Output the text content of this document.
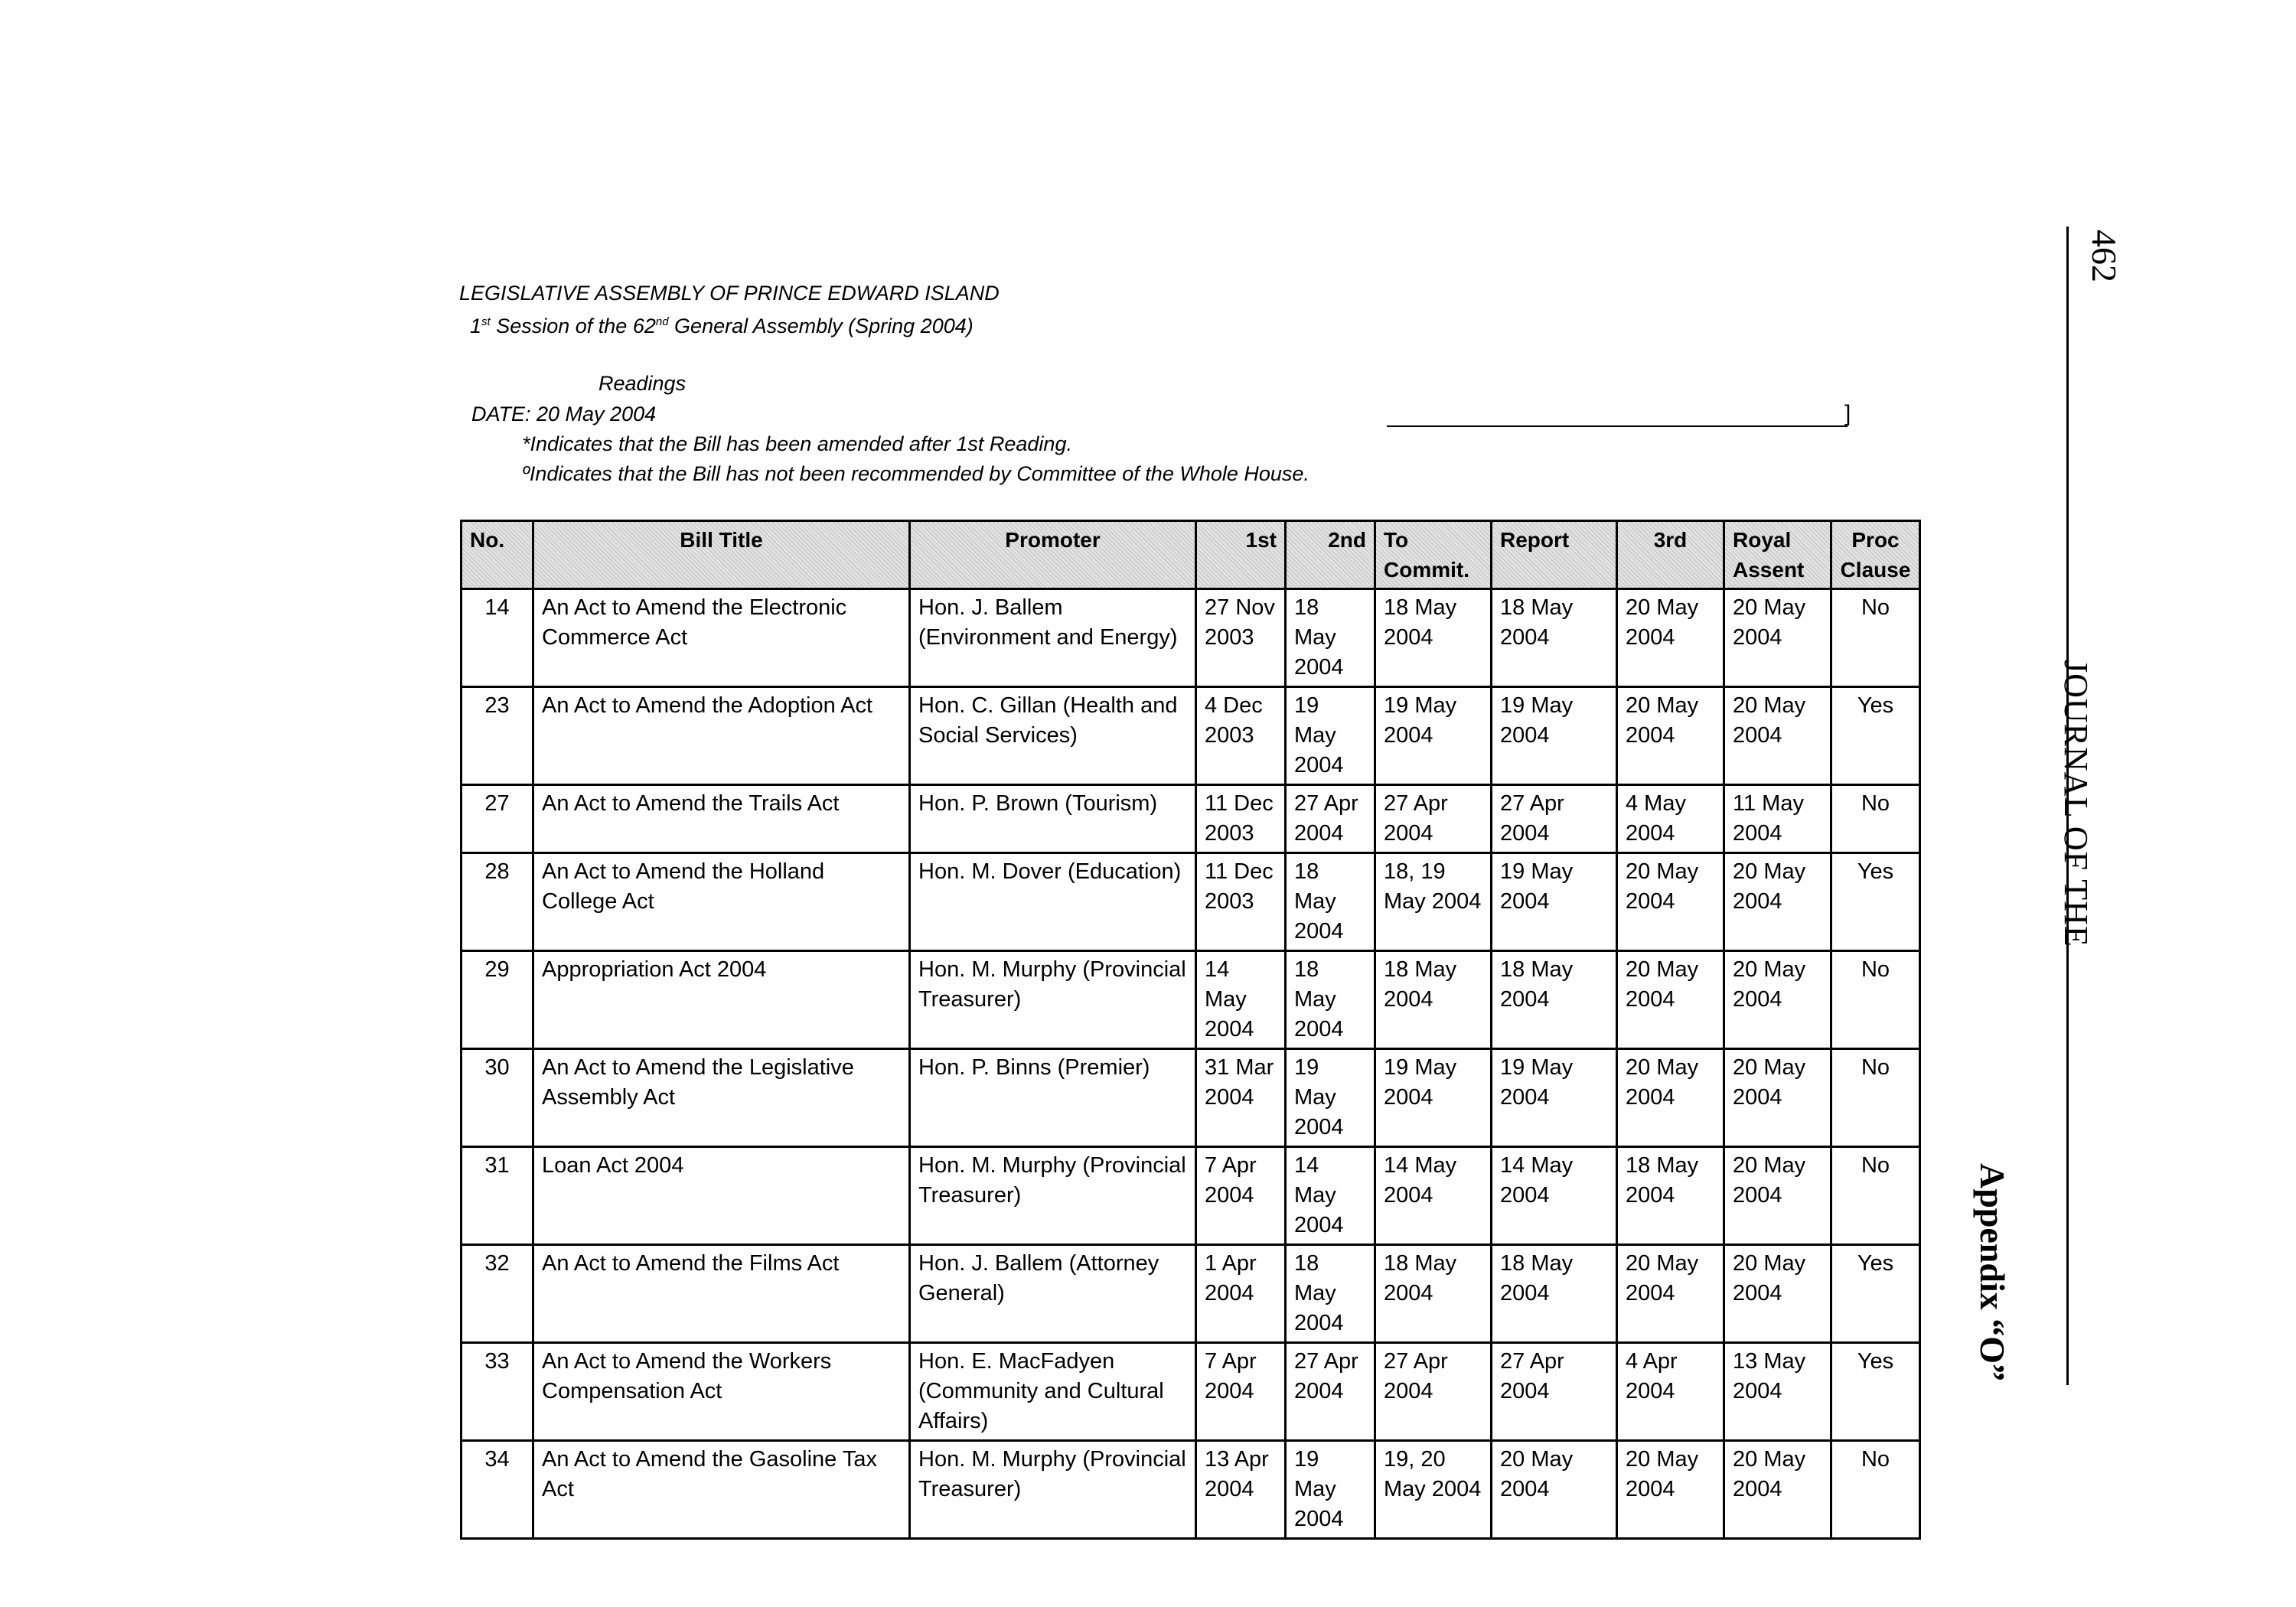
LEGISLATIVE ASSEMBLY OF PRINCE EDWARD ISLAND
1st Session of the 62nd General Assembly (Spring 2004)
Readings
DATE: 20 May 2004
*Indicates that the Bill has been amended after 1st Reading.
ºIndicates that the Bill has not been recommended by Committee of the Whole House.
]
No.	Bill Title	Promoter	1st	2nd	To Commit.	Report	3rd	Royal Assent	Proc Clause
14	An Act to Amend the Electronic Commerce Act	Hon. J. Ballem (Environment and Energy)	27 Nov 2003	18 May 2004	18 May 2004	18 May 2004	20 May 2004	20 May 2004	No
23	An Act to Amend the Adoption Act	Hon. C. Gillan (Health and Social Services)	4 Dec 2003	19 May 2004	19 May 2004	19 May 2004	20 May 2004	20 May 2004	Yes
27	An Act to Amend the Trails Act	Hon. P. Brown (Tourism)	11 Dec 2003	27 Apr 2004	27 Apr 2004	27 Apr 2004	4 May 2004	11 May 2004	No
28	An Act to Amend the Holland College Act	Hon. M. Dover (Education)	11 Dec 2003	18 May 2004	18, 19 May 2004	19 May 2004	20 May 2004	20 May 2004	Yes
29	Appropriation Act 2004	Hon. M. Murphy (Provincial Treasurer)	14 May 2004	18 May 2004	18 May 2004	18 May 2004	20 May 2004	20 May 2004	No
30	An Act to Amend the Legislative Assembly Act	Hon. P. Binns (Premier)	31 Mar 2004	19 May 2004	19 May 2004	19 May 2004	20 May 2004	20 May 2004	No
31	Loan Act 2004	Hon. M. Murphy (Provincial Treasurer)	7 Apr 2004	14 May 2004	14 May 2004	14 May 2004	18 May 2004	20 May 2004	No
32	An Act to Amend the Films Act	Hon. J. Ballem (Attorney General)	1 Apr 2004	18 May 2004	18 May 2004	18 May 2004	20 May 2004	20 May 2004	Yes
33	An Act to Amend the Workers Compensation Act	Hon. E. MacFadyen (Community and Cultural Affairs)	7 Apr 2004	27 Apr 2004	27 Apr 2004	27 Apr 2004	4 Apr 2004	13 May 2004	Yes
34	An Act to Amend the Gasoline Tax Act	Hon. M. Murphy (Provincial Treasurer)	13 Apr 2004	19 May 2004	19, 20 May 2004	20 May 2004	20 May 2004	20 May 2004	No
462
JOURNAL OF THE
Appendix “O”
